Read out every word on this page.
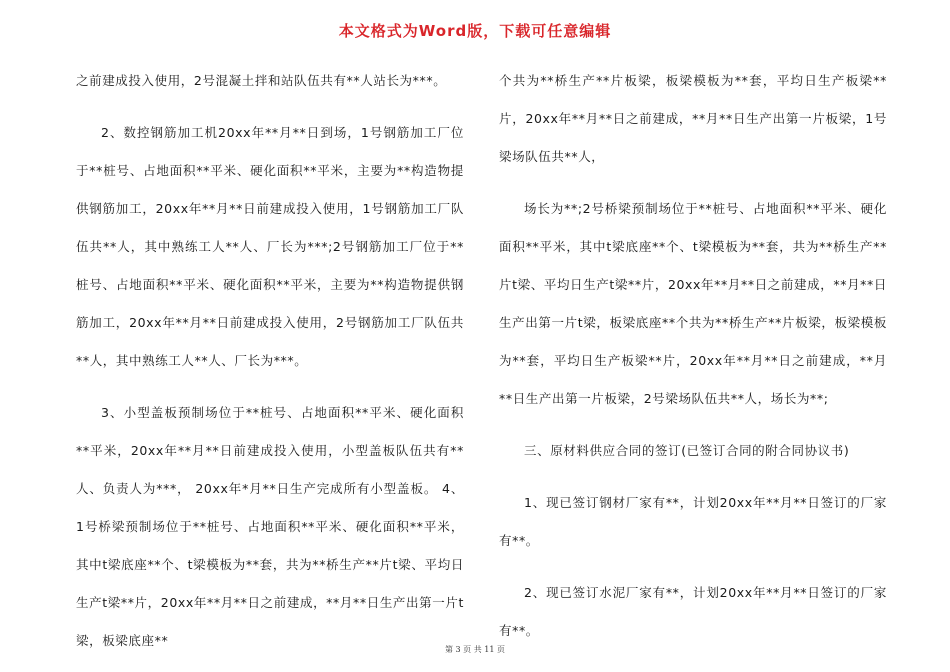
本文格式为Word版，下载可任意编辑

之前建成投入使用，2号混凝土拌和站队伍共有**人站长为***。

2、数控钢筋加工机20xx年**月**日到场，1号钢筋加工厂位于**桩号、占地面积**平米、硬化面积**平米，主要为**构造物提供钢筋加工，20xx年**月**日前建成投入使用，1号钢筋加工厂队伍共**人，其中熟练工人**人、厂长为***;2号钢筋加工厂位于**桩号、占地面积**平米、硬化面积**平米，主要为**构造物提供钢筋加工，20xx年**月**日前建成投入使用，2号钢筋加工厂队伍共**人，其中熟练工人**人、厂长为***。

3、小型盖板预制场位于**桩号、占地面积**平米、硬化面积**平米，20xx年**月**日前建成投入使用，小型盖板队伍共有**人、负责人为***， 20xx年*月**日生产完成所有小型盖板。 4、1号桥梁预制场位于**桩号、占地面积**平米、硬化面积**平米，其中t梁底座**个、t梁模板为**套，共为**桥生产**片t梁、平均日生产t梁**片，20xx年**月**日之前建成，**月**日生产出第一片t梁，板梁底座**

个共为**桥生产**片板梁，板梁模板为**套，平均日生产板梁**片，20xx年**月**日之前建成，**月**日生产出第一片板梁，1号梁场队伍共**人，

场长为**;2号桥梁预制场位于**桩号、占地面积**平米、硬化面积**平米，其中t梁底座**个、t梁模板为**套，共为**桥生产**片t梁、平均日生产t梁**片，20xx年**月**日之前建成，**月**日生产出第一片t梁，板梁底座**个共为**桥生产**片板梁，板梁模板为**套，平均日生产板梁**片，20xx年**月**日之前建成，**月**日生产出第一片板梁，2号梁场队伍共**人，场长为**;

三、原材料供应合同的签订(已签订合同的附合同协议书)

1、现已签订钢材厂家有**，计划20xx年**月**日签订的厂家有**。

2、现已签订水泥厂家有**，计划20xx年**月**日签订的厂家有**。

第 3 页 共 11 页
